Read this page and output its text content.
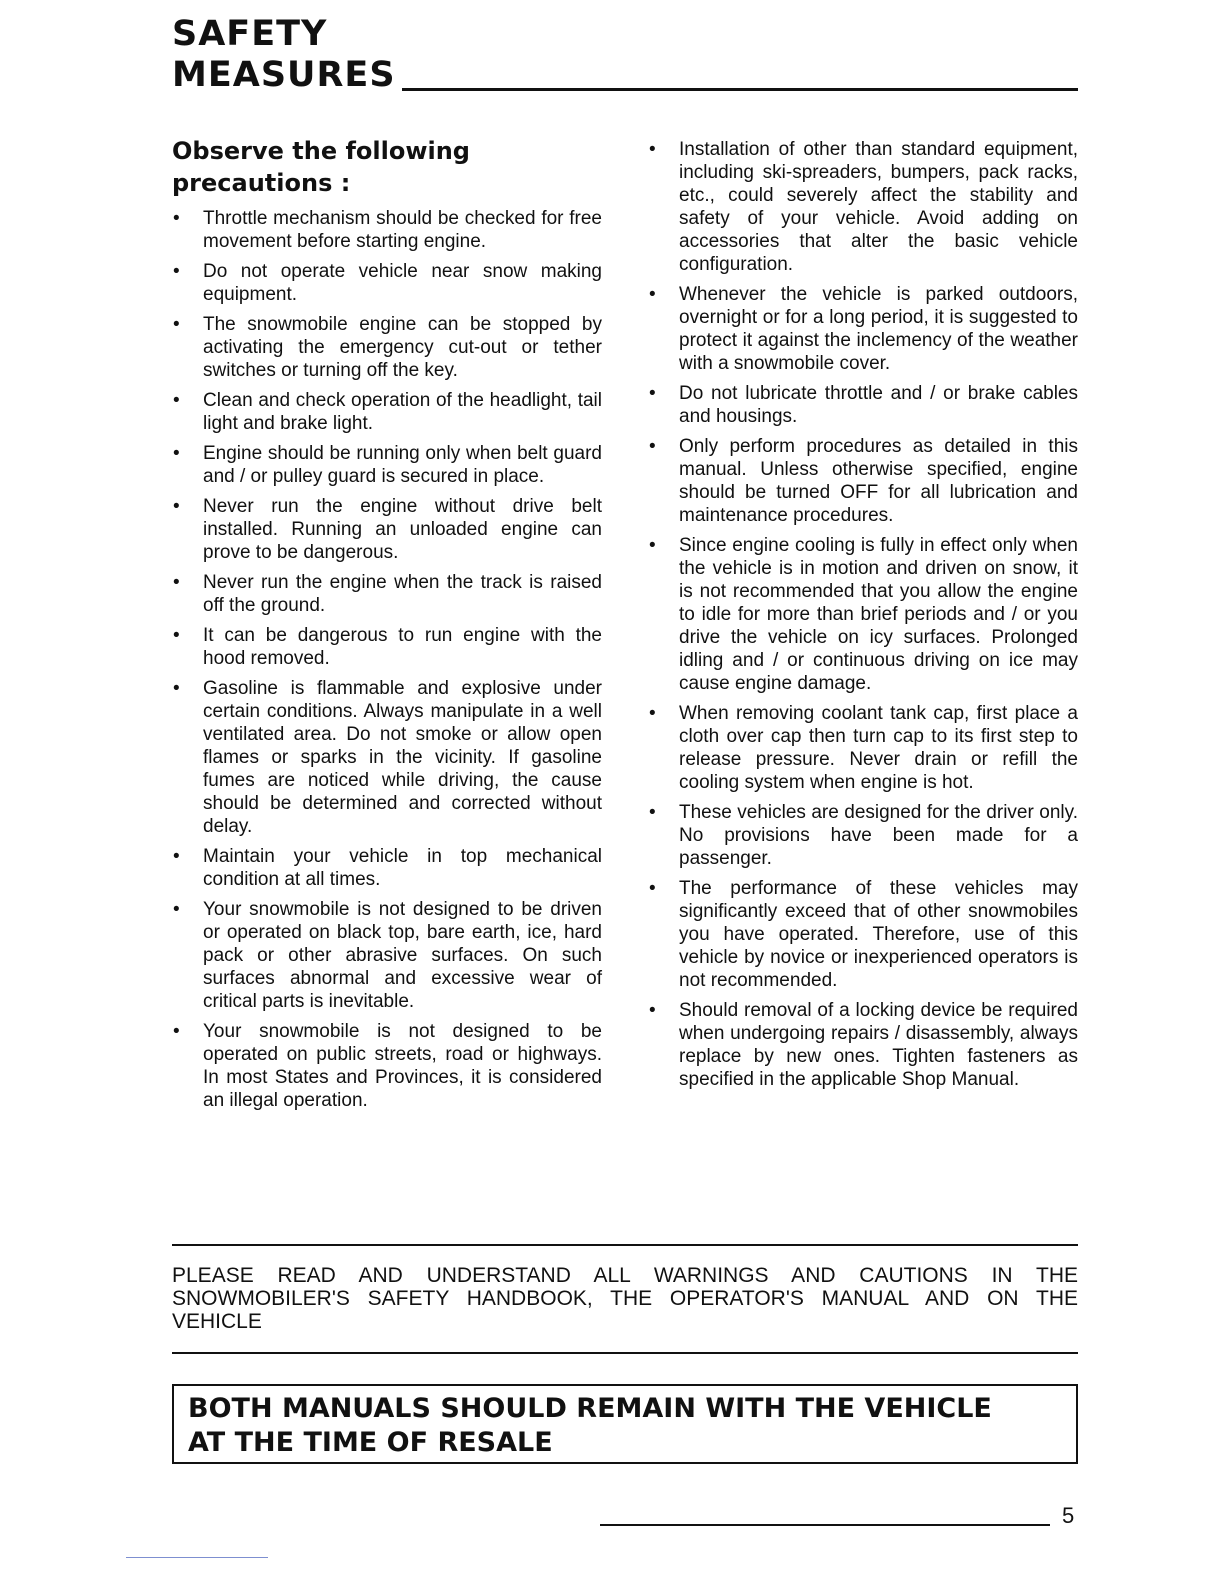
SAFETY
MEASURES
Observe the following precautions :
• Throttle mechanism should be checked for free movement before starting engine.
• Do not operate vehicle near snow making equipment.
• The snowmobile engine can be stopped by activating the emergency cut-out or tether switches or turning off the key.
• Clean and check operation of the headlight, tail light and brake light.
• Engine should be running only when belt guard and / or pulley guard is secured in place.
• Never run the engine without drive belt installed. Running an unloaded engine can prove to be dangerous.
• Never run the engine when the track is raised off the ground.
• It can be dangerous to run engine with the hood removed.
• Gasoline is flammable and explosive under certain conditions. Always manipulate in a well ventilated area. Do not smoke or allow open flames or sparks in the vicinity. If gasoline fumes are noticed while driving, the cause should be determined and corrected without delay.
• Maintain your vehicle in top mechanical condition at all times.
• Your snowmobile is not designed to be driven or operated on black top, bare earth, ice, hard pack or other abrasive surfaces. On such surfaces abnormal and excessive wear of critical parts is inevitable.
• Your snowmobile is not designed to be operated on public streets, road or highways. In most States and Provinces, it is considered an illegal operation.
• Installation of other than standard equipment, including ski-spreaders, bumpers, pack racks, etc., could severely affect the stability and safety of your vehicle. Avoid adding on accessories that alter the basic vehicle configuration.
• Whenever the vehicle is parked outdoors, overnight or for a long period, it is suggested to protect it against the inclemency of the weather with a snowmobile cover.
• Do not lubricate throttle and / or brake cables and housings.
• Only perform procedures as detailed in this manual. Unless otherwise specified, engine should be turned OFF for all lubrication and maintenance procedures.
• Since engine cooling is fully in effect only when the vehicle is in motion and driven on snow, it is not recommended that you allow the engine to idle for more than brief periods and / or you drive the vehicle on icy surfaces. Prolonged idling and / or continuous driving on ice may cause engine damage.
• When removing coolant tank cap, first place a cloth over cap then turn cap to its first step to release pressure. Never drain or refill the cooling system when engine is hot.
• These vehicles are designed for the driver only. No provisions have been made for a passenger.
• The performance of these vehicles may significantly exceed that of other snowmobiles you have operated. Therefore, use of this vehicle by novice or inexperienced operators is not recommended.
• Should removal of a locking device be required when undergoing repairs / disassembly, always replace by new ones. Tighten fasteners as specified in the applicable Shop Manual.
PLEASE READ AND UNDERSTAND ALL WARNINGS AND CAUTIONS IN THE SNOWMOBILER'S SAFETY HANDBOOK, THE OPERATOR'S MANUAL AND ON THE VEHICLE
BOTH MANUALS SHOULD REMAIN WITH THE VEHICLE
AT THE TIME OF RESALE
5
